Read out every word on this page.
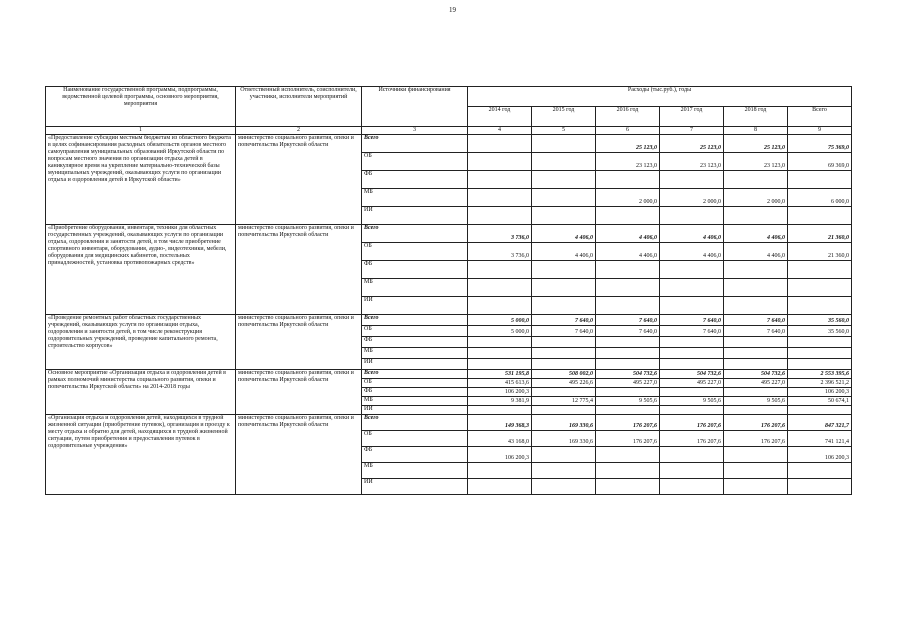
19
Наименование государственной программы, подпрограммы, ведомственной целевой программы, основного мероприятия, мероприятия	Ответственный исполнитель, соисполнители, участники, исполнители мероприятий	Источники финансирования	Расходы (тыс.руб.), годы					
			2014 год	2015 год	2016 год	2017 год	2018 год	Всего
1	2	3	4	5	6	7	8	9
«Предоставление субсидии местным бюджетам из областного бюджета в целях софинансирования расходных обязательств органов местного самоуправления муниципальных образований Иркутской области по вопросам местного значения по организации отдыха детей в каникулярное время на укрепление материально-технической базы муниципальных учреждений, оказывающих услуги по организации отдыха и оздоровления детей в Иркутской области»	министерство социального развития, опеки и попечительства Иркутской области	Всего			25 123,0	25 123,0	25 123,0	75 369,0
		ОБ			23 123,0	23 123,0	23 123,0	69 369,0
		ФБ						
		МБ			2 000,0	2 000,0	2 000,0	6 000,0
		ИИ						
«Приобретение оборудования, инвентаря, техники для областных государственных учреждений, оказывающих услуги по организации отдыха, оздоровления и занятости детей, в том числе приобретение спортивного инвентаря, оборудования, аудио-, видеотехники, мебели, оборудования для медицинских кабинетов, постельных принадлежностей, установка противопожарных средств»	министерство социального развития, опеки и попечительства Иркутской области	Всего	3 736,0	4 406,0	4 406,0	4 406,0	4 406,0	21 360,0
		ОБ	3 736,0	4 406,0	4 406,0	4 406,0	4 406,0	21 360,0
		ФБ						
		МБ						
		ИИ						
«Проведение ремонтных работ областных государственных учреждений, оказывающих услуги по организации отдыха, оздоровления и занятости детей, в том числе реконструкция оздоровительных учреждений, проведение капитального ремонта, строительство корпусов»	министерство социального развития, опеки и попечительства Иркутской области	Всего	5 000,0	7 640,0	7 640,0	7 640,0	7 640,0	35 560,0
		ОБ	5 000,0	7 640,0	7 640,0	7 640,0	7 640,0	35 560,0
		ФБ						
		МБ						
		ИИ						
Основное мероприятие «Организация отдыха и оздоровления детей в рамках полномочий министерства социального развития, опеки и попечительства Иркутской области» на 2014-2018 годы	министерство социального развития, опеки и попечительства Иркутской области	Всего	531 195,8	508 002,0	504 732,6	504 732,6	504 732,6	2 553 395,6
		ОБ	415 613,6	495 226,6	495 227,0	495 227,0	495 227,0	2 396 521,2
		ФБ	106 200,3					106 200,3
		МБ	9 381,9	12 775,4	9 505,6	9 505,6	9 505,6	50 674,1
		ИИ						
«Организация отдыха и оздоровления детей, находящихся в трудной жизненной ситуации (приобретение путевок), организация и проезду к месту отдыха и обратно для детей, находящихся в трудной жизненной ситуации, путем приобретения и предоставления путевок в оздоровительные учреждения»	министерство социального развития, опеки и попечительства Иркутской области	Всего	149 368,3	169 330,6	176 207,6	176 207,6	176 207,6	847 321,7
		ОБ	43 168,0	169 330,6	176 207,6	176 207,6	176 207,6	741 121,4
		ФБ	106 200,3					106 200,3
		МБ						
		ИИ						
